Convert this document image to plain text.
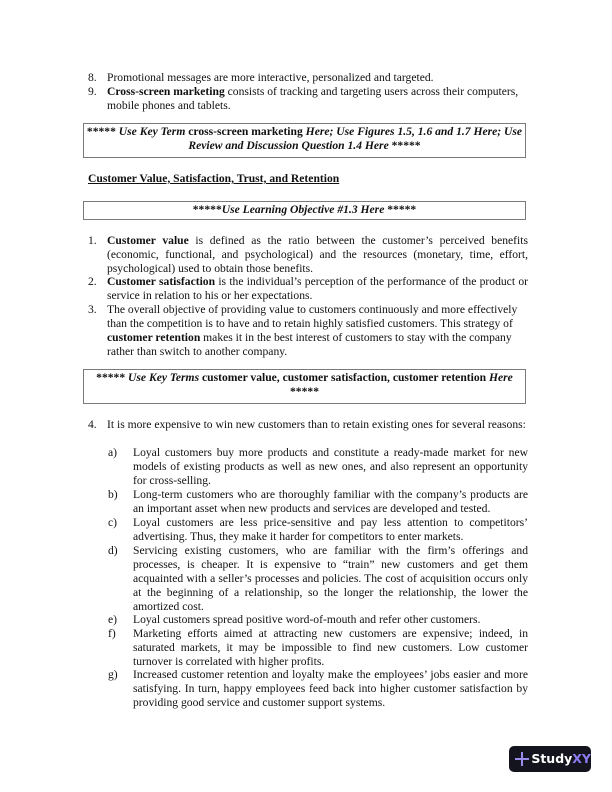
8. Promotional messages are more interactive, personalized and targeted.
9. Cross-screen marketing consists of tracking and targeting users across their computers, mobile phones and tablets.
***** Use Key Term cross-screen marketing Here; Use Figures 1.5, 1.6 and 1.7 Here; Use Review and Discussion Question 1.4 Here *****
Customer Value, Satisfaction, Trust, and Retention
*****Use Learning Objective #1.3 Here *****
1. Customer value is defined as the ratio between the customer’s perceived benefits (economic, functional, and psychological) and the resources (monetary, time, effort, psychological) used to obtain those benefits.
2. Customer satisfaction is the individual’s perception of the performance of the product or service in relation to his or her expectations.
3. The overall objective of providing value to customers continuously and more effectively than the competition is to have and to retain highly satisfied customers. This strategy of customer retention makes it in the best interest of customers to stay with the company rather than switch to another company.
***** Use Key Terms customer value, customer satisfaction, customer retention Here *****
4. It is more expensive to win new customers than to retain existing ones for several reasons:
a)	Loyal customers buy more products and constitute a ready-made market for new models of existing products as well as new ones, and also represent an opportunity for cross-selling.
b)	Long-term customers who are thoroughly familiar with the company’s products are an important asset when new products and services are developed and tested.
c)	Loyal customers are less price-sensitive and pay less attention to competitors’ advertising. Thus, they make it harder for competitors to enter markets.
d)	Servicing existing customers, who are familiar with the firm’s offerings and processes, is cheaper. It is expensive to “train” new customers and get them acquainted with a seller’s processes and policies. The cost of acquisition occurs only at the beginning of a relationship, so the longer the relationship, the lower the amortized cost.
e)	Loyal customers spread positive word-of-mouth and refer other customers.
f)	Marketing efforts aimed at attracting new customers are expensive; indeed, in saturated markets, it may be impossible to find new customers. Low customer turnover is correlated with higher profits.
g)	Increased customer retention and loyalty make the employees’ jobs easier and more satisfying. In turn, happy employees feed back into higher customer satisfaction by providing good service and customer support systems.
Study XY
